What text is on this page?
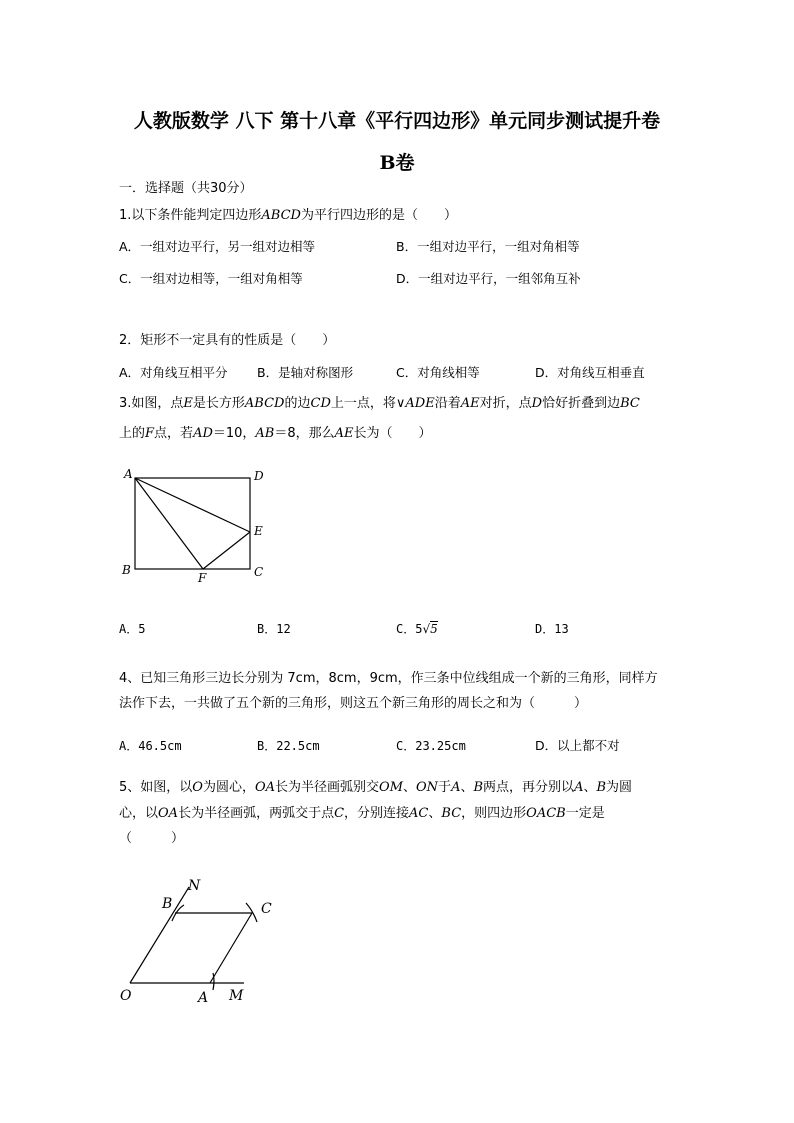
人教版数学 八下 第十八章《平行四边形》单元同步测试提升卷
B卷
一．选择题（共30分）
1.以下条件能判定四边形ABCD为平行四边形的是（　　）
A．一组对边平行，另一组对边相等	B．一组对边平行，一组对角相等
C．一组对边相等，一组对角相等	D．一组对边平行，一组邻角互补
2．矩形不一定具有的性质是（　　）
A．对角线互相平分 B．是轴对称图形	C．对角线相等	D．对角线互相垂直
3.如图，点E是长方形ABCD的边CD上一点，将∨ADE沿着AE对折，点D恰好折叠到边BC
上的F点，若AD＝10，AB＝8，那么AE长为（　　）
A	D
E
B	C
F
A．5	B．12	C．5√5	D．13
4、已知三角形三边长分别为 7cm，8cm，9cm，作三条中位线组成一个新的三角形，同样方
法作下去，一共做了五个新的三角形，则这五个新三角形的周长之和为（　　　）
A．46.5cm	B．22.5cm	C．23.25cm	D．以上都不对
5、如图，以O为圆心，OA长为半径画弧别交OM、ON于A、B两点，再分别以A、B为圆
心，以OA长为半径画弧，两弧交于点C，分别连接AC、BC，则四边形OACB一定是
（　　　）
O	A M
N
B	C
